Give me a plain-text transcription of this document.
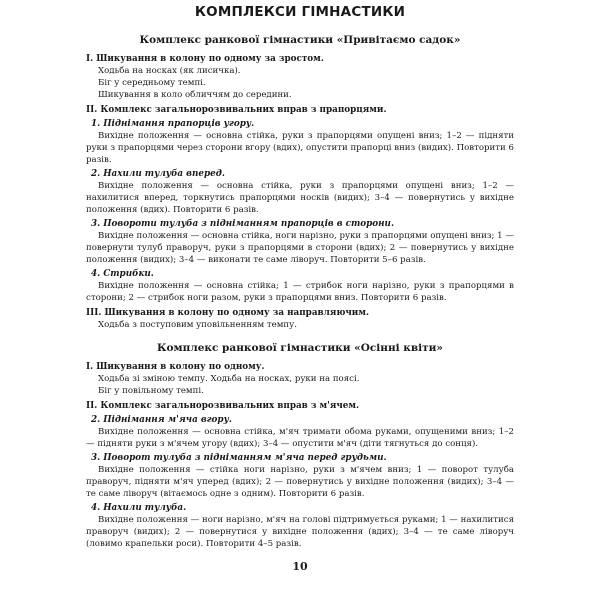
КОМПЛЕКСИ ГІМНАСТИКИ
Комплекс ранкової гімнастики «Привітаємо садок»
I. Шикування в колону по одному за зростом.
Ходьба на носках (як лисичка).
Біг у середньому темпі.
Шикування в коло обличчям до середини.
II. Комплекс загальнорозвивальних вправ з прапорцями.
1. Піднімання прапорців угору.
Вихідне положення — основна стійка, руки з прапорцями опущені вниз; 1–2 — підняти руки з прапорцями через сторони вгору (вдих), опустити прапорці вниз (видих). Повторити 6 разів.
2. Нахили тулуба вперед.
Вихідне положення — основна стійка, руки з прапорцями опущені вниз; 1–2 — нахилитися вперед, торкнутись прапорцями носків (видих); 3–4 — повернутись у вихідне положення (вдих). Повторити 6 разів.
3. Повороти тулуба з підніманням прапорців в сторони.
Вихідне положення — основна стійка, ноги нарізно, руки з прапорцями опущені вниз; 1 — повернути тулуб праворуч, руки з прапорцями в сторони (вдих); 2 — повернутись у вихідне положення (видих); 3–4 — виконати те саме ліворуч. Повторити 5–6 разів.
4. Стрибки.
Вихідне положення — основна стійка; 1 — стрибок ноги нарізно, руки з прапорцями в сторони; 2 — стрибок ноги разом, руки з прапорцями вниз. Повторити 6 разів.
III. Шикування в колону по одному за направляючим.
Ходьба з поступовим уповільненням темпу.
Комплекс ранкової гімнастики «Осінні квіти»
I. Шикування в колону по одному.
Ходьба зі зміною темпу. Ходьба на носках, руки на поясі.
Біг у повільному темпі.
II. Комплекс загальнорозвивальних вправ з м'ячем.
2. Піднімання м'яча вгору.
Вихідне положення — основна стійка, м'яч тримати обома руками, опущеними вниз; 1–2— підняти руки з м'ячем угору (вдих); 3–4 — опустити м'яч (діти тягнуться до сонця).
3. Поворот тулуба з підніманням м'яча перед грудьми.
Вихідне положення — стійка ноги нарізно, руки з м'ячем вниз; 1 — поворот тулуба праворуч, підняти м'яч уперед (вдих); 2 — повернутись у вихідне положення (видих); 3–4 — те саме ліворуч (вітаємось одне з одним). Повторити 6 разів.
4. Нахили тулуба.
Вихідне положення — ноги нарізно, м'яч на голові підтримується руками; 1 — нахилитися праворуч (видих); 2 — повернутися у вихідне положення (вдих); 3–4 — те саме ліворуч (ловимо крапельки роси). Повторити 4–5 разів.
10
